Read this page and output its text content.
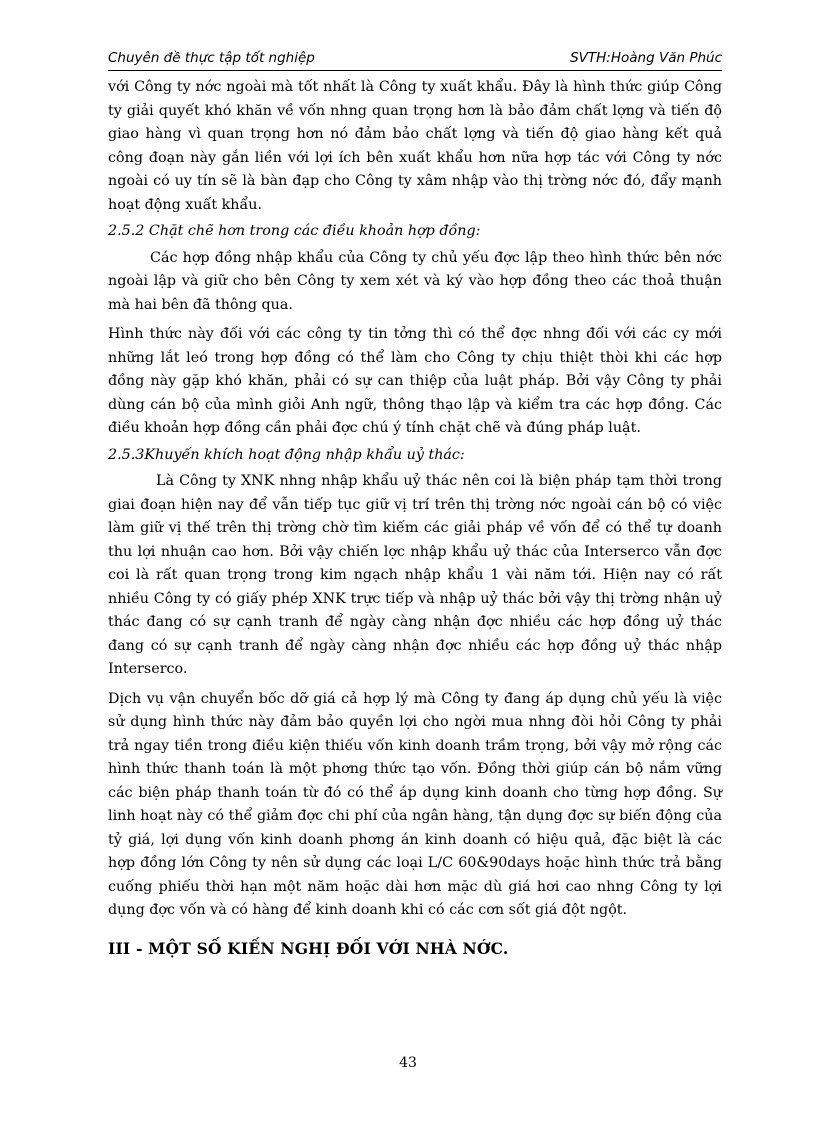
Chuyên đề thực tập tốt nghiệp	SVTH:Hoàng Văn Phúc

với Công ty nớc ngoài mà tốt nhất là Công ty xuất khẩu. Đây là hình thức giúp Công ty giải quyết khó khăn về vốn nhng quan trọng hơn là bảo đảm chất lợng và tiến độ giao hàng vì quan trọng hơn nó đảm bảo chất lợng và tiến độ giao hàng kết quả công đoạn này gắn liền với lợi ích bên xuất khẩu hơn nữa hợp tác với Công ty nớc ngoài có uy tín sẽ là bàn đạp cho Công ty xâm nhập vào thị trờng nớc đó, đẩy mạnh hoạt động xuất khẩu.

2.5.2 Chặt chẽ hơn trong các điều khoản hợp đồng:

Các hợp đồng nhập khẩu của Công ty chủ yếu đợc lập theo hình thức bên nớc ngoài lập và giữ cho bên Công ty xem xét và ký vào hợp đồng theo các thoả thuận mà hai bên đã thông qua.

Hình thức này đối với các công ty tin tởng thì có thể đợc nhng đối với các cy mới những lắt leó trong hợp đồng có thể làm cho Công ty chịu thiệt thòi khi các hợp đồng này gặp khó khăn, phải có sự can thiệp của luật pháp. Bởi vậy Công ty phải dùng cán bộ của mình giỏi Anh ngữ, thông thạo lập và kiểm tra các hợp đồng. Các điều khoản hợp đồng cần phải đợc chú ý tính chặt chẽ và đúng pháp luật.

2.5.3Khuyến khích hoạt động nhập khẩu uỷ thác:

Là Công ty XNK nhng nhập khẩu uỷ thác nên coi là biện pháp tạm thời trong giai đoạn hiện nay để vẫn tiếp tục giữ vị trí trên thị trờng nớc ngoài cán bộ có việc làm giữ vị thế trên thị trờng chờ tìm kiếm các giải pháp về vốn để có thể tự doanh thu lợi nhuận cao hơn. Bởi vậy chiến lợc nhập khẩu uỷ thác của Interserco vẫn đợc coi là rất quan trọng trong kim ngạch nhập khẩu 1 vài năm tới. Hiện nay có rất nhiều Công ty có giấy phép XNK trực tiếp và nhập uỷ thác bởi vậy thị trờng nhận uỷ thác đang có sự cạnh tranh để ngày càng nhận đợc nhiều các hợp đồng uỷ thác đang có sự cạnh tranh để ngày càng nhận đợc nhiều các hợp đồng uỷ thác nhập Interserco.

Dịch vụ vận chuyển bốc dỡ giá cả hợp lý mà Công ty đang áp dụng chủ yếu là việc sử dụng hình thức này đảm bảo quyền lợi cho ngời mua nhng đòi hỏi Công ty phải trả ngay tiền trong điều kiện thiếu vốn kinh doanh trầm trọng, bởi vậy mở rộng các hình thức thanh toán là một phơng thức tạo vốn. Đồng thời giúp cán bộ nắm vững các biện pháp thanh toán từ đó có thể áp dụng kinh doanh cho từng hợp đồng. Sự linh hoạt này có thể giảm đợc chi phí của ngân hàng, tận dụng đợc sự biến động của tỷ giá, lợi dụng vốn kinh doanh phơng án kinh doanh có hiệu quả, đặc biệt là các hợp đồng lớn Công ty nên sử dụng các loại L/C 60&90days hoặc hình thức trả bằng cuống phiếu thời hạn một năm hoặc dài hơn mặc dù giá hơi cao nhng Công ty lợi dụng đợc vốn và có hàng để kinh doanh khi có các cơn sốt giá đột ngột.

III - MỘT SỐ KIẾN NGHỊ ĐỐI VỚI NHÀ NỚC.
43
